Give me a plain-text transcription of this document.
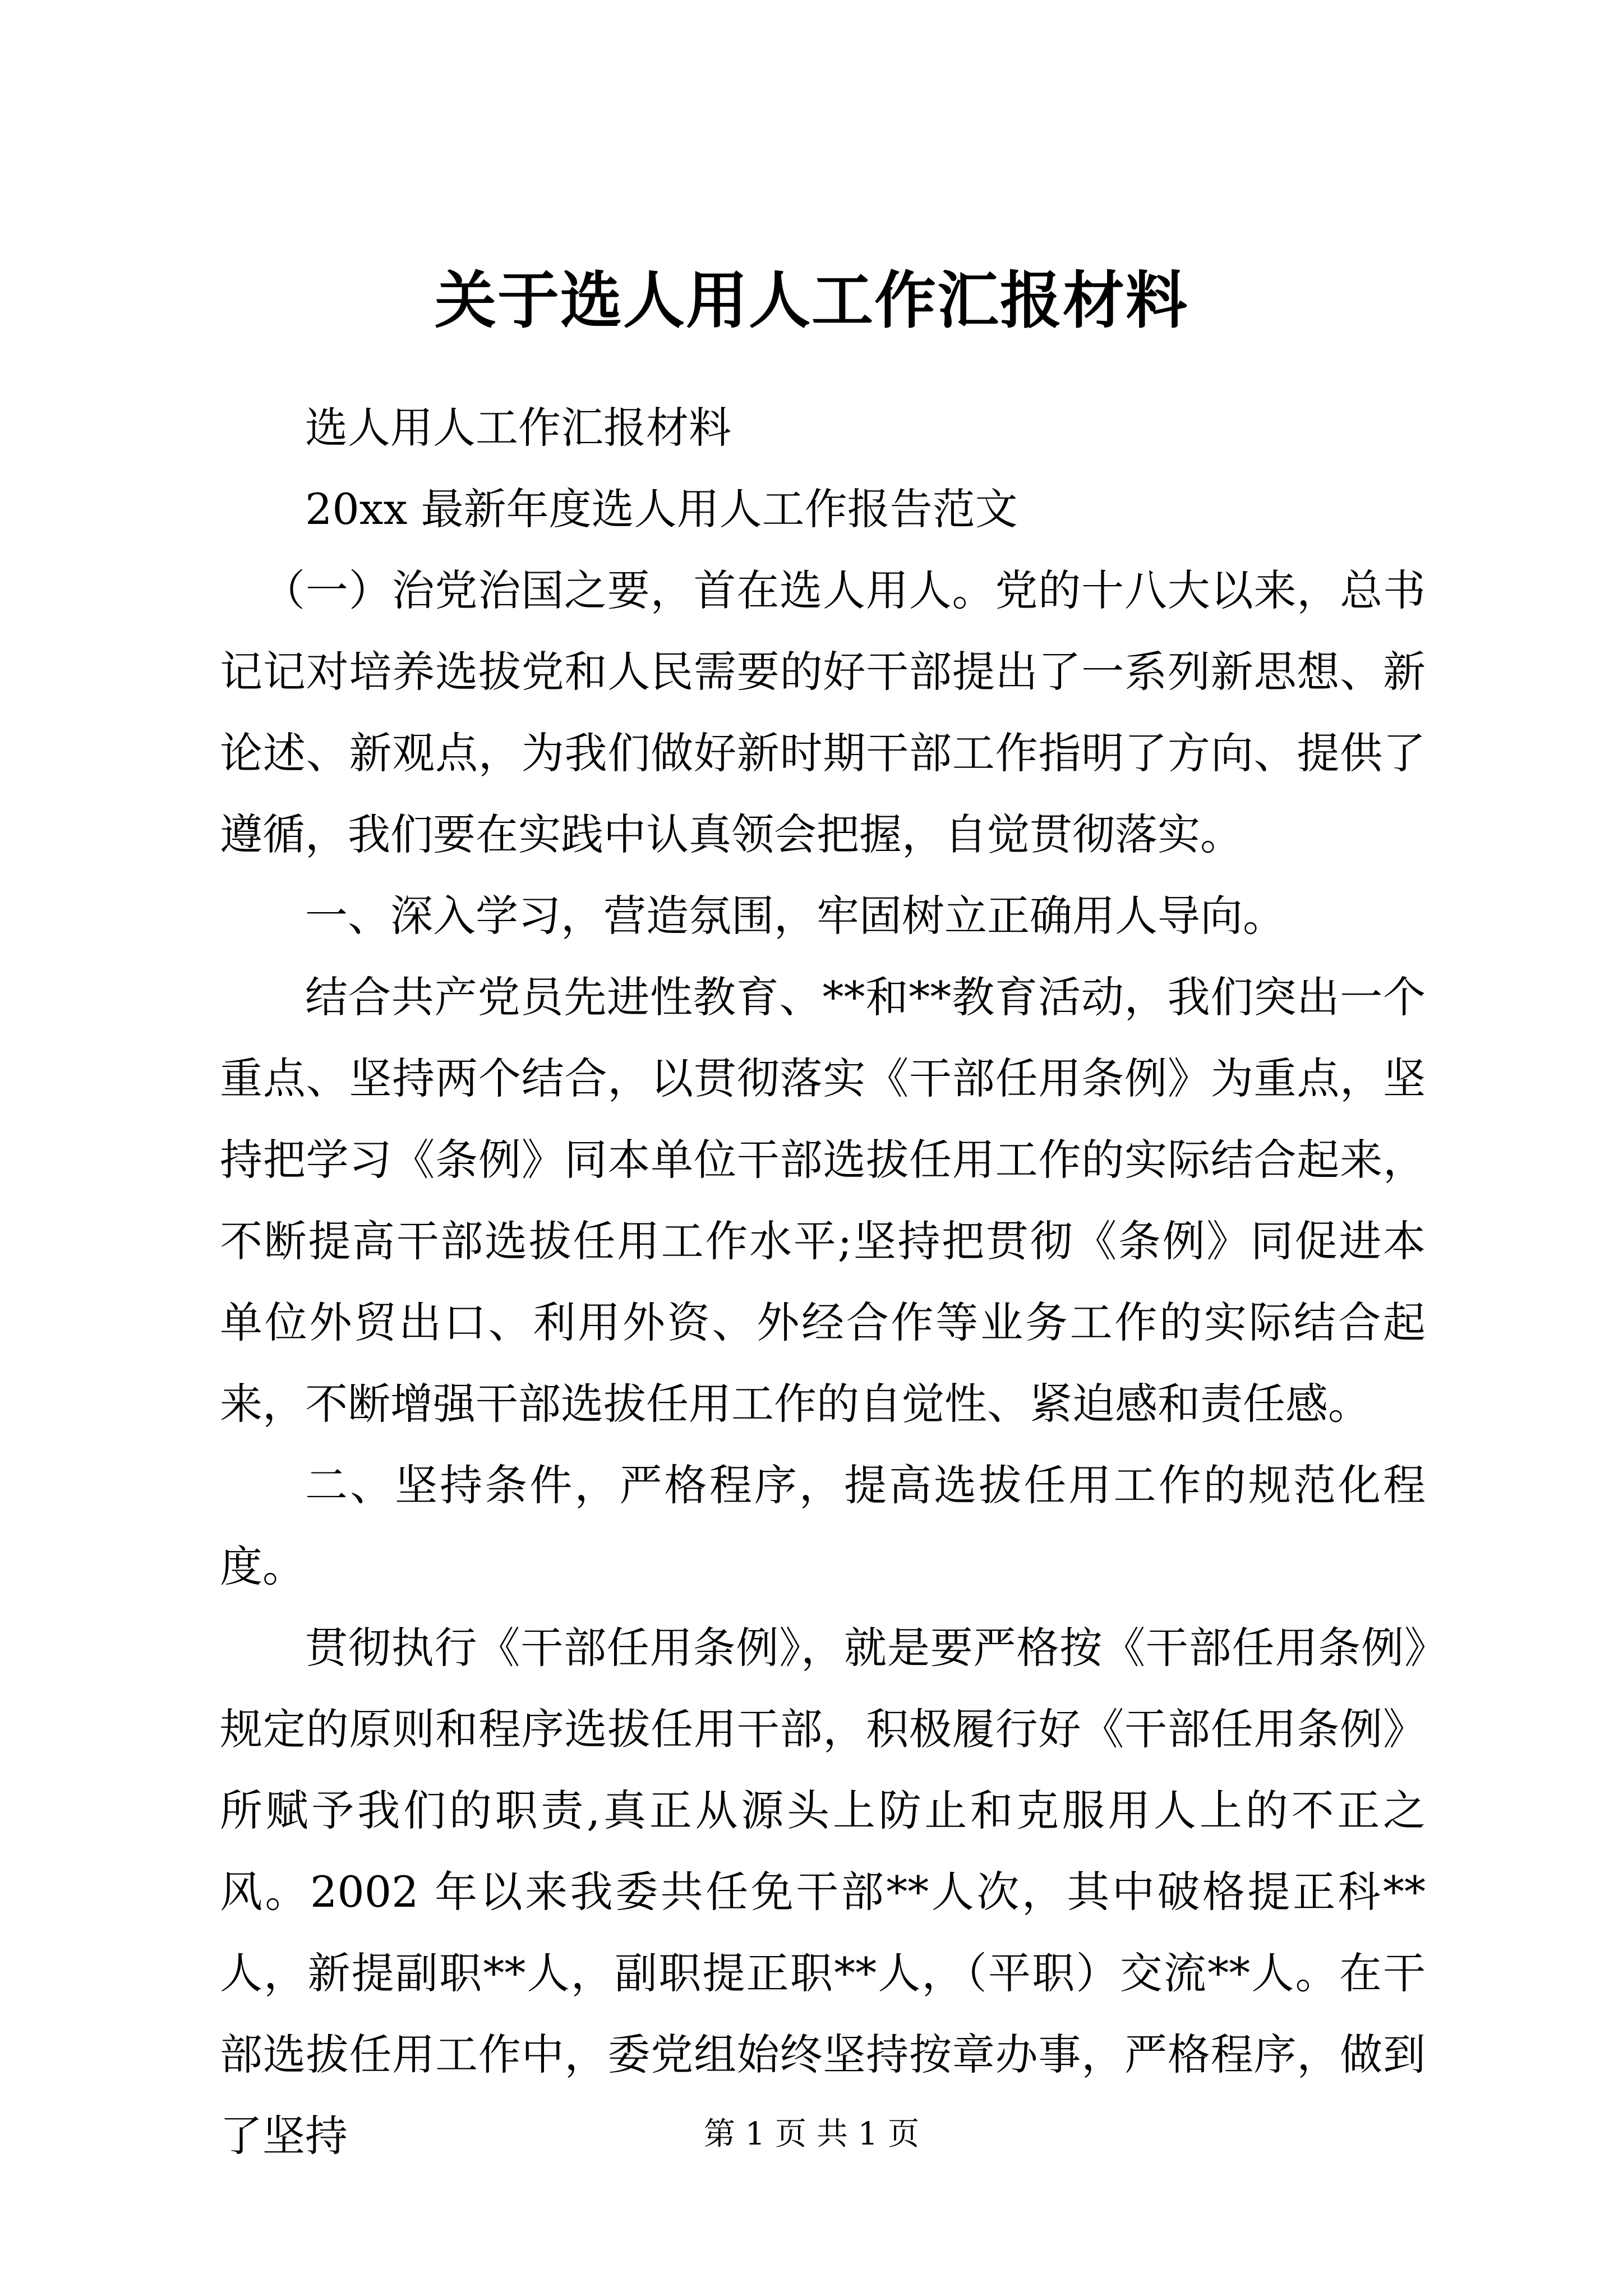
关于选人用人工作汇报材料

选人用人工作汇报材料

20xx 最新年度选人用人工作报告范文

（一）治党治国之要，首在选人用人。党的十八大以来，总书记记对培养选拔党和人民需要的好干部提出了一系列新思想、新论述、新观点，为我们做好新时期干部工作指明了方向、提供了遵循，我们要在实践中认真领会把握，自觉贯彻落实。

一、深入学习，营造氛围，牢固树立正确用人导向。

结合共产党员先进性教育、**和**教育活动，我们突出一个重点、坚持两个结合，以贯彻落实《干部任用条例》为重点，坚持把学习《条例》同本单位干部选拔任用工作的实际结合起来，不断提高干部选拔任用工作水平;坚持把贯彻《条例》同促进本单位外贸出口、利用外资、外经合作等业务工作的实际结合起来，不断增强干部选拔任用工作的自觉性、紧迫感和责任感。

二、坚持条件，严格程序，提高选拔任用工作的规范化程度。

贯彻执行《干部任用条例》，就是要严格按《干部任用条例》规定的原则和程序选拔任用干部，积极履行好《干部任用条例》所赋予我们的职责,真正从源头上防止和克服用人上的不正之风。2002 年以来我委共任免干部**人次，其中破格提正科**人，新提副职**人，副职提正职**人，（平职）交流**人。在干部选拔任用工作中，委党组始终坚持按章办事，严格程序，做到了坚持	第 1 页 共 1 页
